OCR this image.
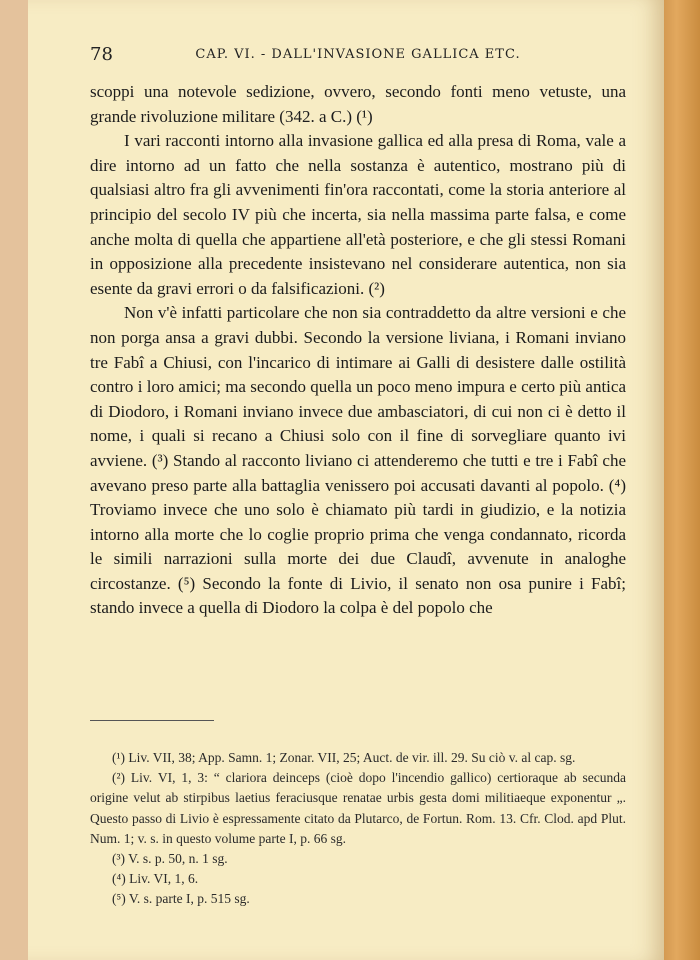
78	CAP. VI. - DALL'INVASIONE GALLICA ETC.

scoppi una notevole sedizione, ovvero, secondo fonti meno vetuste, una grande rivoluzione militare (342. a C.) (¹)

I vari racconti intorno alla invasione gallica ed alla presa di Roma, vale a dire intorno ad un fatto che nella sostanza è autentico, mostrano più di qualsiasi altro fra gli avvenimenti fin'ora raccontati, come la storia anteriore al principio del secolo IV più che incerta, sia nella massima parte falsa, e come anche molta di quella che appartiene all'età posteriore, e che gli stessi Romani in opposizione alla precedente insistevano nel considerare autentica, non sia esente da gravi errori o da falsificazioni. (²)

Non v'è infatti particolare che non sia contraddetto da altre versioni e che non porga ansa a gravi dubbi. Secondo la versione liviana, i Romani inviano tre Fabî a Chiusi, con l'incarico di intimare ai Galli di desistere dalle ostilità contro i loro amici; ma secondo quella un poco meno impura e certo più antica di Diodoro, i Romani inviano invece due ambasciatori, di cui non ci è detto il nome, i quali si recano a Chiusi solo con il fine di sorvegliare quanto ivi avviene. (³) Stando al racconto liviano ci attenderemo che tutti e tre i Fabî che avevano preso parte alla battaglia venissero poi accusati davanti al popolo. (⁴) Troviamo invece che uno solo è chiamato più tardi in giudizio, e la notizia intorno alla morte che lo coglie proprio prima che venga condannato, ricorda le simili narrazioni sulla morte dei due Claudî, avvenute in analoghe circostanze. (⁵) Secondo la fonte di Livio, il senato non osa punire i Fabî; stando invece a quella di Diodoro la colpa è del popolo che

(¹) Liv. VII, 38; App. Samn. 1; Zonar. VII, 25; Auct. de vir. ill. 29. Su ciò v. al cap. sg.

(²) Liv. VI, 1, 3: “ clariora deinceps (cioè dopo l'incendio gallico) certioraque ab secunda origine velut ab stirpibus laetius feraciusque renatae urbis gesta domi militiaeque exponentur „. Questo passo di Livio è espressamente citato da Plutarco, de Fortun. Rom. 13. Cfr. Clod. apd Plut. Num. 1; v. s. in questo volume parte I, p. 66 sg.

(³) V. s. p. 50, n. 1 sg.

(⁴) Liv. VI, 1, 6.

(⁵) V. s. parte I, p. 515 sg.
